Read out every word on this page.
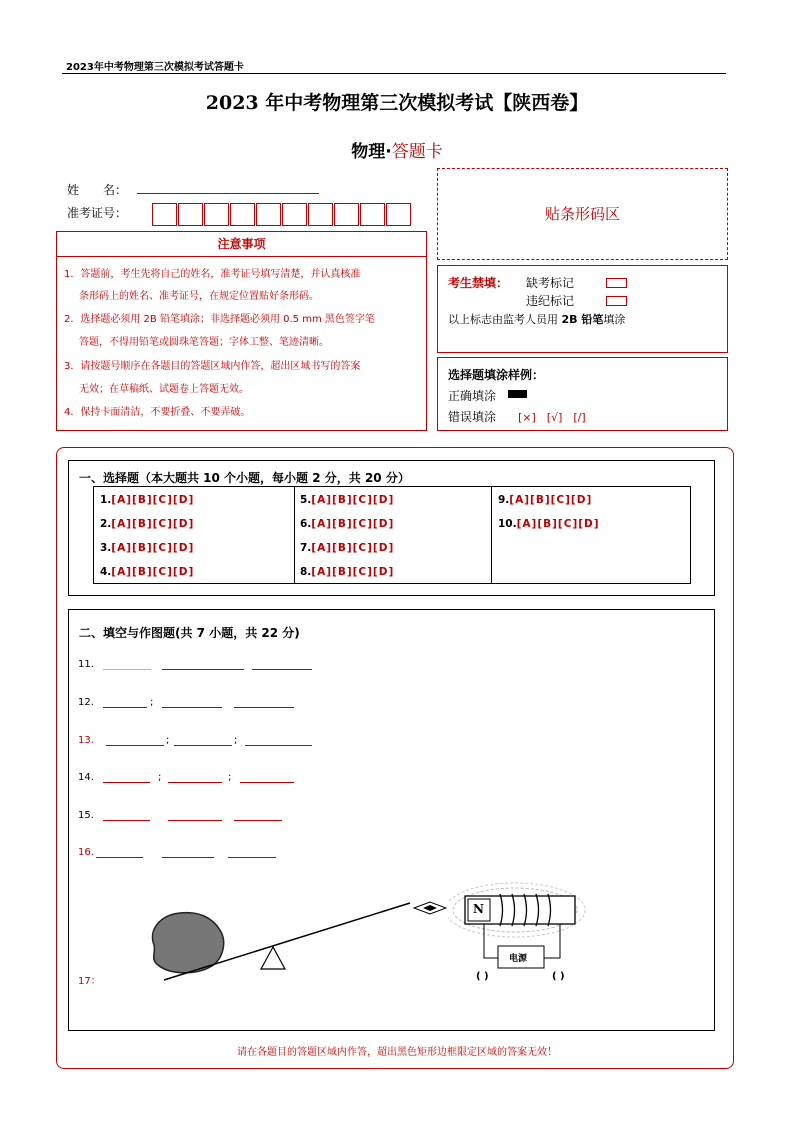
2023年中考物理第三次模拟考试答题卡
2023 年中考物理第三次模拟考试【陕西卷】
物理·答题卡
姓　　名：
准考证号：	贴条形码区
注意事项
1．答题前，考生先将自己的姓名，准考证号填写清楚，并认真核准
条形码上的姓名、准考证号，在规定位置贴好条形码。
2．选择题必须用 2B 铅笔填涂；非选择题必须用 0.5 mm 黑色签字笔
答题，不得用铅笔或圆珠笔答题；字体工整、笔迹清晰。
3．请按题号顺序在各题目的答题区域内作答，超出区域书写的答案
无效；在草稿纸、试题卷上答题无效。
4．保持卡面清洁，不要折叠、不要弄破。
考生禁填： 缺考标记
违纪标记
以上标志由监考人员用 2B 铅笔填涂
选择题填涂样例：
正确填涂
错误填涂 [×]　[√]　[/]
一、选择题（本大题共 10 个小题，每小题 2 分，共 20 分）
1.[A][B][C][D]
2.[A][B][C][D]
3.[A][B][C][D]
4.[A][B][C][D]
5.[A][B][C][D]
6.[A][B][C][D]
7.[A][B][C][D]
8.[A][B][C][D]
9.[A][B][C][D]
10.[A][B][C][D]
二、填空与作图题(共 7 小题，共 22 分)
11.
12.	;
13.	;	;
14.	;	;
15.
16.
17：
N
电源
( )	( )
请在各题目的答题区域内作答，超出黑色矩形边框限定区域的答案无效！
